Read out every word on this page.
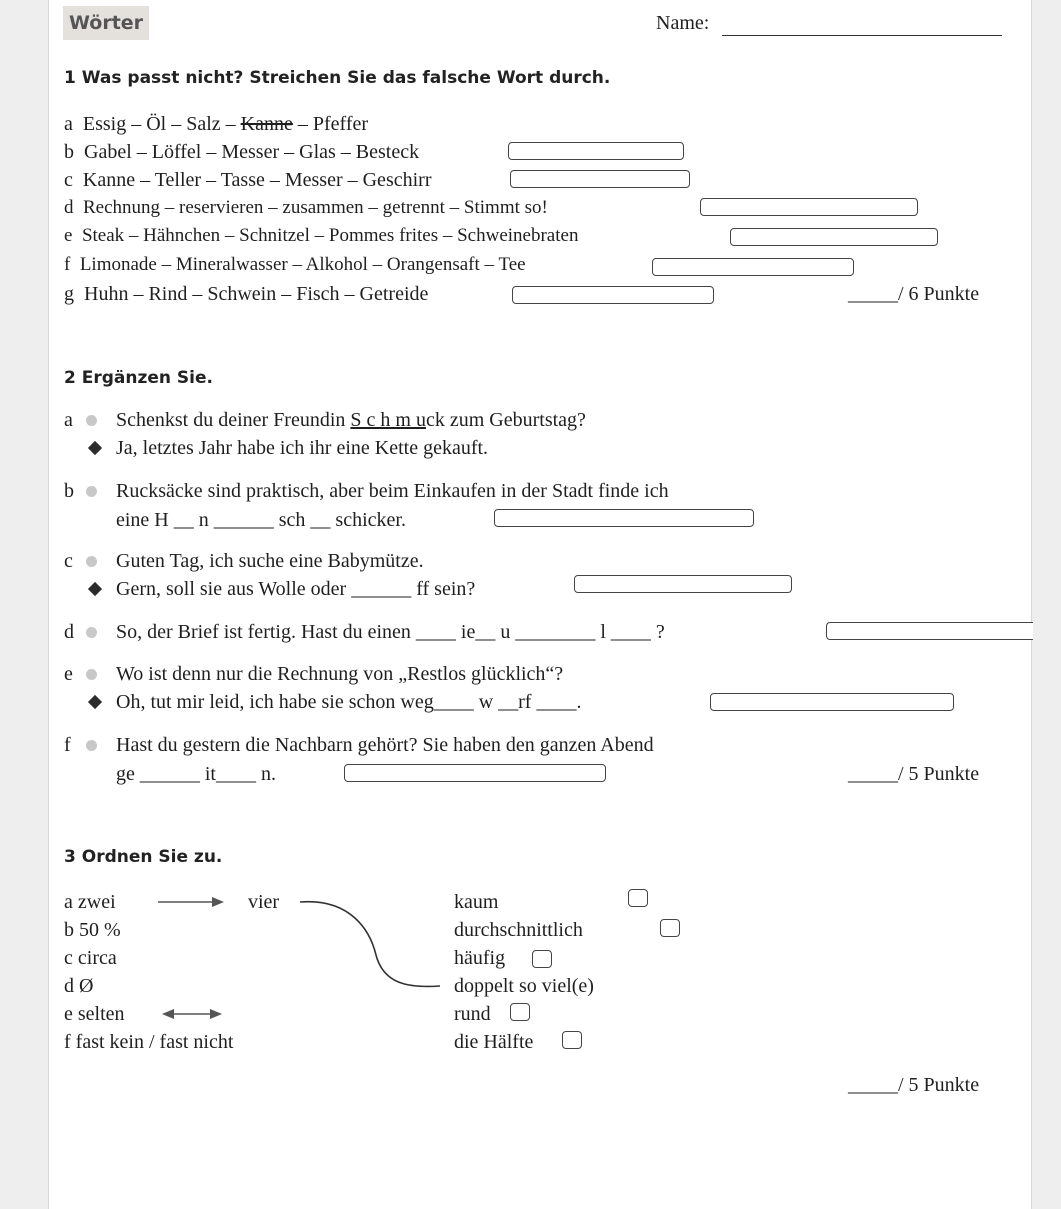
Wörter	Name:
1 Was passt nicht? Streichen Sie das falsche Wort durch.
a Essig – Öl – Salz – Kanne – Pfeffer
b Gabel – Löffel – Messer – Glas – Besteck
c Kanne – Teller – Tasse – Messer – Geschirr
d Rechnung – reservieren – zusammen – getrennt – Stimmt so!
e Steak – Hähnchen – Schnitzel – Pommes frites – Schweinebraten
f Limonade – Mineralwasser – Alkohol – Orangensaft – Tee
g Huhn – Rind – Schwein – Fisch – Getreide	_____/ 6 Punkte
2 Ergänzen Sie.
a Schenkst du deiner Freundin S c h m uck zum Geburtstag?
Ja, letztes Jahr habe ich ihr eine Kette gekauft.
b Rucksäcke sind praktisch, aber beim Einkaufen in der Stadt finde ich
eine H __ n ______ sch __ schicker.
c Guten Tag, ich suche eine Babymütze.
Gern, soll sie aus Wolle oder ______ ff sein?
d So, der Brief ist fertig. Hast du einen ____ ie__ u ________ l ____ ?
e Wo ist denn nur die Rechnung von „Restlos glücklich“?
Oh, tut mir leid, ich habe sie schon weg____ w __rf ____.
f Hast du gestern die Nachbarn gehört? Sie haben den ganzen Abend
ge ______ it____ n.	_____/ 5 Punkte
3 Ordnen Sie zu.
a zwei
b 50 %
c circa
d Ø
e selten
f fast kein / fast nicht
vier	kaum
durchschnittlich
häufig
doppelt so viel(e)
rund
die Hälfte
_____/ 5 Punkte
